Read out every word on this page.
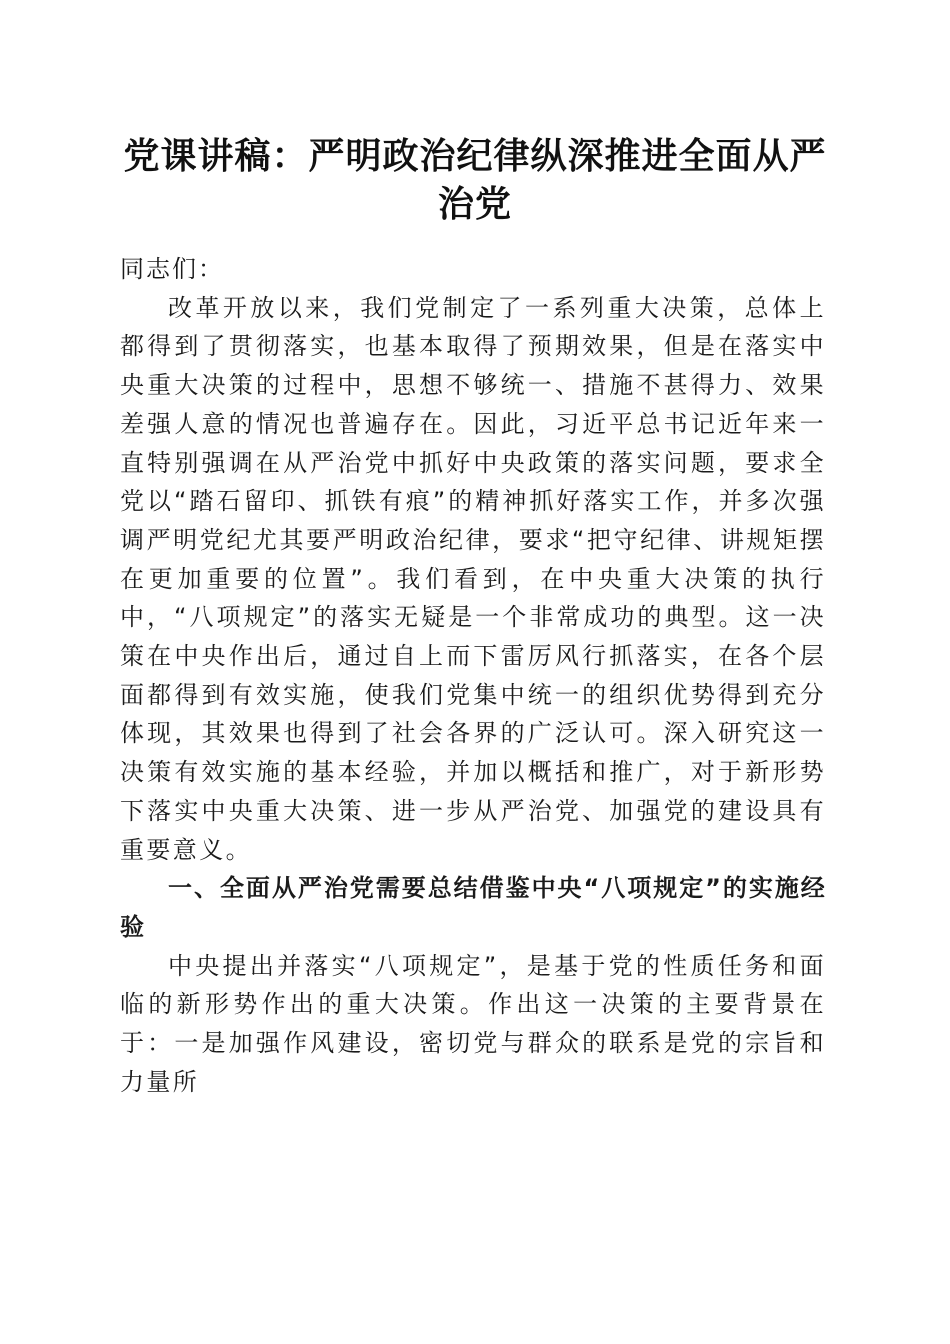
党课讲稿：严明政治纪律纵深推进全面从严治党

同志们：

改革开放以来，我们党制定了一系列重大决策，总体上都得到了贯彻落实，也基本取得了预期效果，但是在落实中央重大决策的过程中，思想不够统一、措施不甚得力、效果差强人意的情况也普遍存在。因此，习近平总书记近年来一直特别强调在从严治党中抓好中央政策的落实问题，要求全党以“踏石留印、抓铁有痕”的精神抓好落实工作，并多次强调严明党纪尤其要严明政治纪律，要求“把守纪律、讲规矩摆在更加重要的位置”。我们看到，在中央重大决策的执行中，“八项规定”的落实无疑是一个非常成功的典型。这一决策在中央作出后，通过自上而下雷厉风行抓落实，在各个层面都得到有效实施，使我们党集中统一的组织优势得到充分体现，其效果也得到了社会各界的广泛认可。深入研究这一决策有效实施的基本经验，并加以概括和推广，对于新形势下落实中央重大决策、进一步从严治党、加强党的建设具有重要意义。

一、全面从严治党需要总结借鉴中央“八项规定”的实施经验

中央提出并落实“八项规定”，是基于党的性质任务和面临的新形势作出的重大决策。作出这一决策的主要背景在于：一是加强作风建设，密切党与群众的联系是党的宗旨和力量所
